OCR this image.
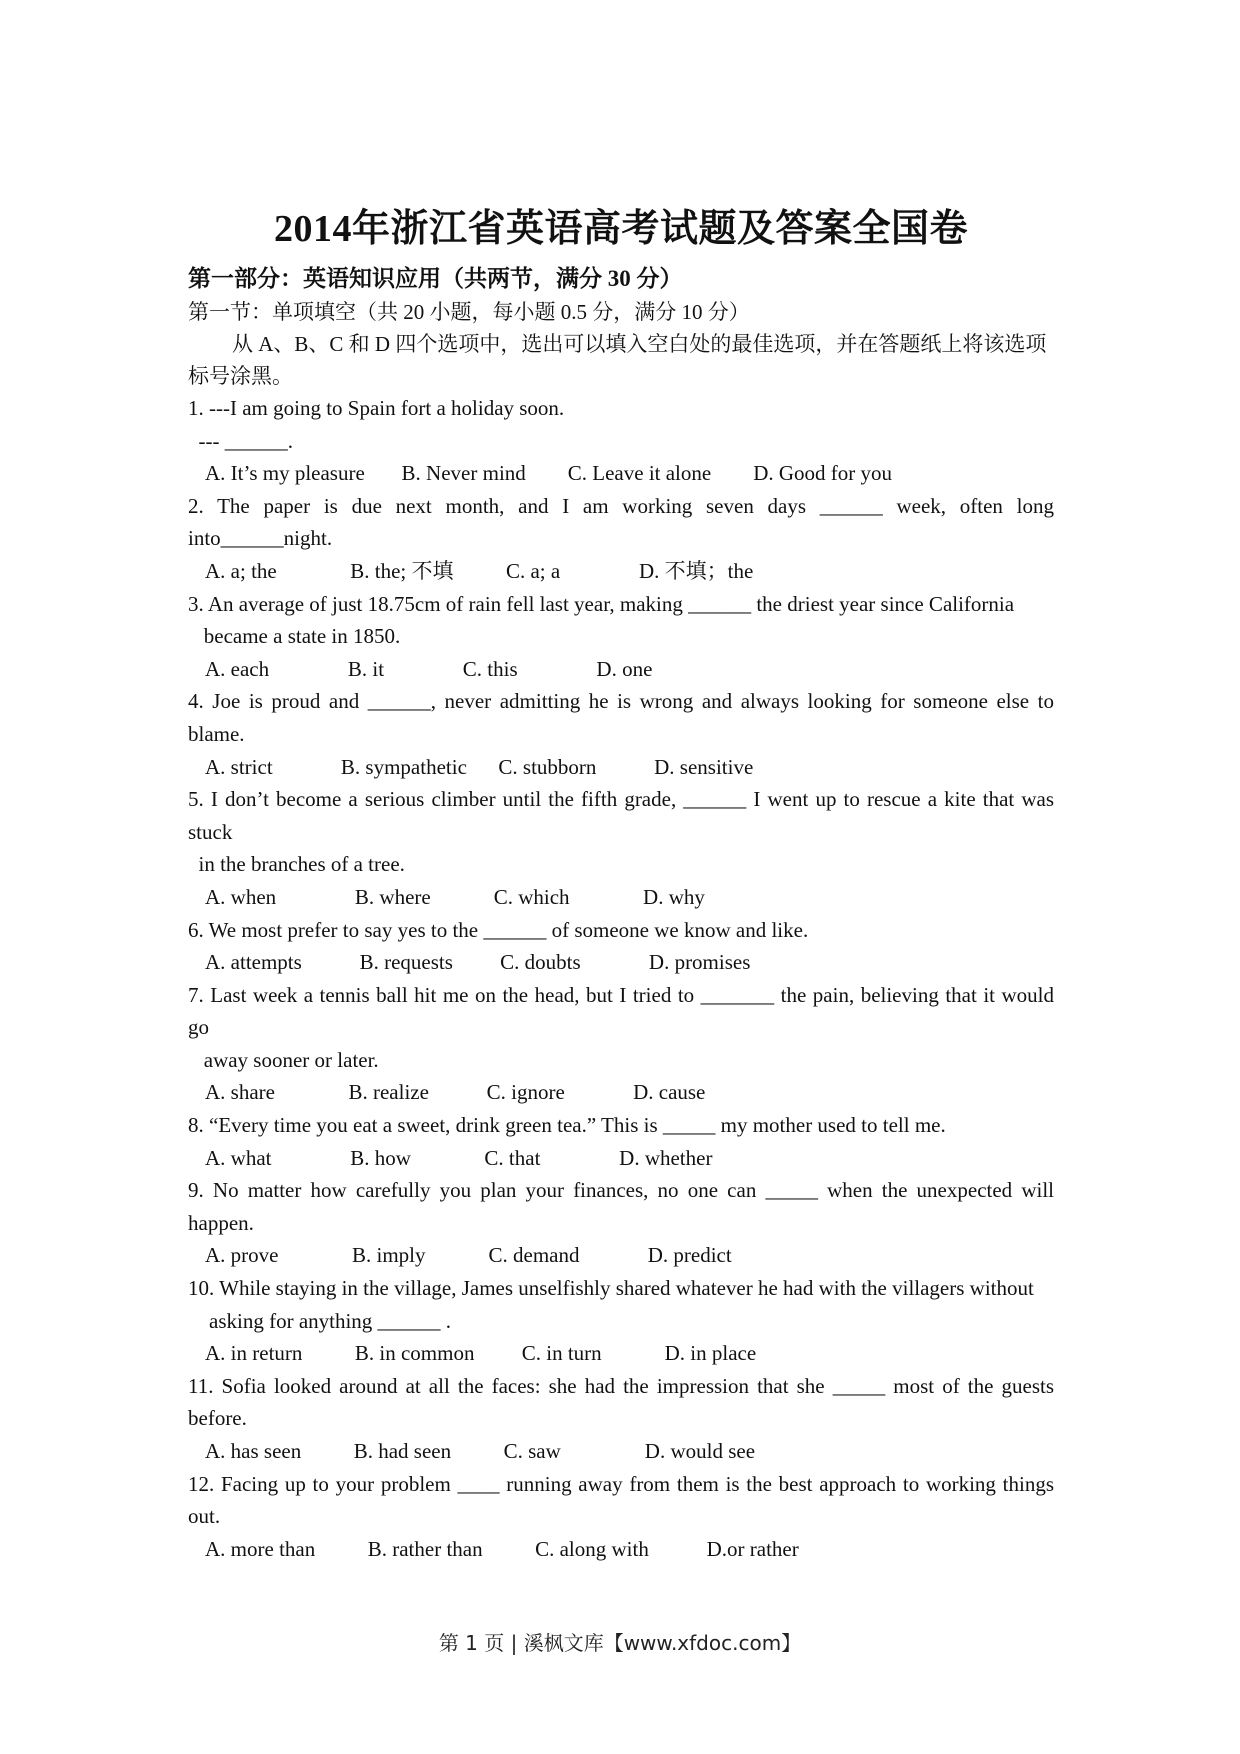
2014年浙江省英语高考试题及答案全国卷
第一部分：英语知识应用（共两节，满分 30 分）
第一节：单项填空（共 20 小题，每小题 0.5 分，满分 10 分）
从 A、B、C 和 D 四个选项中，选出可以填入空白处的最佳选项，并在答题纸上将该选项标号涂黑。
1. ---I am going to Spain fort a holiday soon.
--- ______.
A. It’s my pleasure       B. Never mind        C. Leave it alone        D. Good for you
2. The paper is due next month, and I am working seven days ______ week, often long into______night.
A. a; the              B. the; 不填          C. a; a               D. 不填；the
3. An average of just 18.75cm of rain fell last year, making ______ the driest year since California
became a state in 1850.
A. each               B. it               C. this               D. one
4. Joe is proud and ______, never admitting he is wrong and always looking for someone else to blame.
A. strict             B. sympathetic      C. stubborn           D. sensitive
5. I don’t become a serious climber until the fifth grade, ______ I went up to rescue a kite that was stuck
in the branches of a tree.
A. when               B. where            C. which              D. why
6. We most prefer to say yes to the ______ of someone we know and like.
A. attempts           B. requests         C. doubts             D. promises
7. Last week a tennis ball hit me on the head, but I tried to _______ the pain, believing that it would go
away sooner or later.
A. share              B. realize           C. ignore             D. cause
8. “Every time you eat a sweet, drink green tea.” This is _____ my mother used to tell me.
A. what               B. how              C. that               D. whether
9. No matter how carefully you plan your finances, no one can _____ when the unexpected will happen.
A. prove              B. imply            C. demand             D. predict
10. While staying in the village, James unselfishly shared whatever he had with the villagers without
asking for anything ______ .
A. in return          B. in common         C. in turn            D. in place
11. Sofia looked around at all the faces: she had the impression that she _____ most of the guests before.
A. has seen          B. had seen          C. saw                D. would see
12. Facing up to your problem ____ running away from them is the best approach to working things out.
A. more than          B. rather than          C. along with           D.or rather
第 1 页 | 溪枫文库【www.xfdoc.com】
